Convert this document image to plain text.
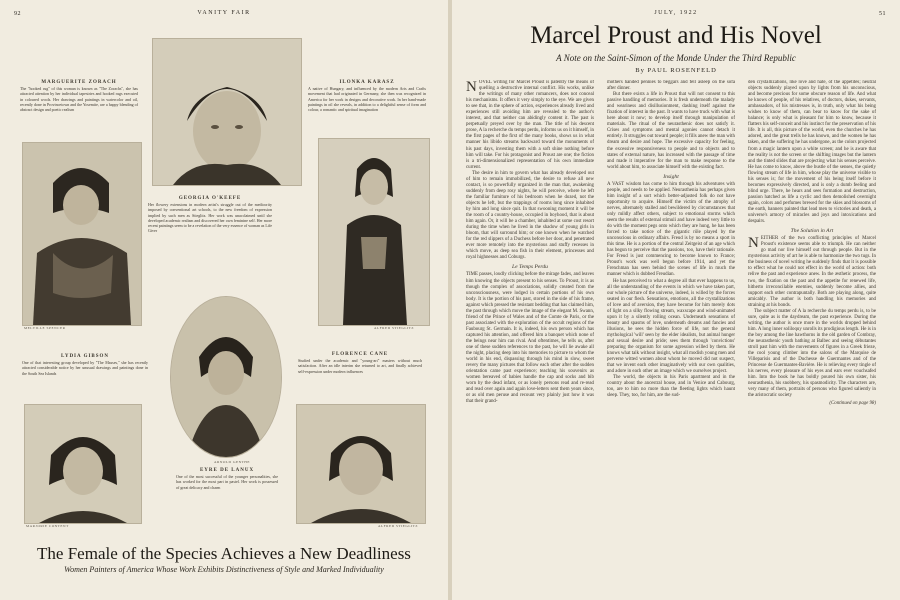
92	VANITY FAIR
MARGUERITE ZORACH
The "hooked rug" of this woman is known as "The Zorachs", she has attracted attention by her individual tapestries and hooked rugs executed in coloured wools. Her drawings and paintings in watercolor and oil, recently done in Provincetown and the Yosemite, are a happy blending of abstract design and poetic realism
ILONKA KARASZ
A native of Hungary, and influenced by the modern Arts and Crafts movement that had originated in Germany, she then was recognized in America for her work in designs and decorative work. In her hand-made paintings in oil she reveals, in addition to a delightful sense of form and colour, a romantic and spiritual imagination
MELVILLE SPENCER
GEORGIA O'KEEFE
Her flowery extensions in modern artist's struggle out of the mediocrity imposed by conventional art schools, to the new freedom of expression implied by such men as Stieglitz. Her work was unacclaimed until she developed academic realism and discovered her own feminine self. Her more recent paintings seem to be a revelation of the very essence of woman as Life Giver
ALFRED STIEGLITZ
ARNOLD GENTHE
LYDIA GIBSON
One of that interesting group developed by "The Masses," she has recently attracted considerable notice by her unusual drawings and paintings done in the South Sea Islands
FLORENCE CANE
Studied under the academic and "young-art" masters without much satisfaction. After an idle interim she returned to art, and finally achieved self-expression under modern influences
MARJORIE CONTENT
EYRE DE LANUX
One of the most successful of the younger personalities, she has worked for the most part in pastel. Her work is possessed of great delicacy and charm
ALFRED STIEGLITZ
The Female of the Species Achieves a New Deadliness
Women Painters of America Whose Work Exhibits Distinctiveness of Style and Marked Individuality
JULY, 1922	51
Marcel Proust and His Novel
A Note on the Saint-Simon of the Monde Under the Third Republic
By PAUL ROSENFELD

NOVEL writing for Marcel Proust is patently the means of quelling a destructive internal conflict. His works, unlike the writings of many other romancers, does not conceal his mechanisms. It offers it very simply to the eye. We are given to see that, in the sphere of action, experiences already lived and experiences still avoiding him are revealed to the author's interest, and that neither can abidingly content it. The past is perpetually preyed over by the man. The title of his descent prose, A la recherche du temps perdu, informs us on it himself, in the first pages of the first of the many books, shows us in what manner his libido streams backward toward the monuments of his past days, investing them with a soft shine nothing before him will take. For his protagonist and Proust are one; the fiction is a tri-dimensionalized representation of his own immediate current.

The desire in him to govern what has already developed out of him to remain immobilized, the desire to refuse all new contact, is so powerfully organized in the man that, awakening suddenly from deep rosy nights, he will perceive, where he left the familiar furniture of his bedroom when he dozed, not the objects he left, but the trappings of rooms long since inhabited by him and long since quit. In that swooning moment it will be the room of a country-house, occupied in boyhood, that is about him again. Or, it will be a chamber, inhabited at some cost resort during the time when he lived in the shadow of young girls in bloom, that will surround him; or one known when he watched for the red slippers of a Duchess before her door, and penetrated ever more remotely into the mysterious and stuffy recesses in which move, as deep sea fish in their element, princesses and royal highnesses and Coburgs.

Le Temps Perdu

TIME passes, loudly clicking before the mirage fades, and leaves him knowing the objects present to his senses. To Proust, it is as though the complex of associations, solidly created from the unconsciousness, were lodged in certain portions of his own body. It is the portion of his past, stored in the side of his frame, against which pressed the resistant bedding that has claimed him, the past through which move the image of the elegant M. Swann, friend of the Prince of Wales and of the Comte de Paris, or the past associated with the exploration of the occult regions of the Faubourg St. Germain. It is, indeed, his own person which has captured his attention, and offered him a banquet which none of the beings near him can rival. And oftentimes, he tells us, after one of these sudden references to the past, he will lie awake all the night, placing deep into his memories to picture to whom the world in his end, dispassing through his mind in slow, sweet revery the many pictures that follow each other after the sudden orientation came past experience; teaching his souvenirs as women bereaved of babies handle the cap and socks and bib worn by the dead infant, or as lonely persons read and re-read and read over again and again love-letters sent them years since, or as old men peruse and recount very plainly just how it was that their grand-

mothers handed pennies to beggars and fell asleep on the sofa after dinner.

But there exists a life in Proust that will not consent to this passive handling of memories. It is fresh underneath the malady and weariness and disillusionment, dashing itself against the fixation of interest in the past. It wants to have truck with what is here about it now; to develop itself through manipulation of materials. The ritual of the neurasthenic does not satisfy it. Crises and symptoms and mental agonies cannot detach it entirely. It struggles out toward people; it fills anew the man with dream and desire and hope. The excessive capacity for feeling, the excessive responsiveness to people and to objects and to states of external nature, has increased with the passage of time and made it imperative for the man to make response to the world about him, to associate himself with the existing fact.

Insight

A VAST wisdom has come to him through his adventures with people, and needs to be applied. Neurasthenia has perhaps given him insight of a sort which better-adjusted folk do not have opportunity to acquire. Himself the victim of the atrophy of nerves, alternately stalled and bewildered by circumstances that only mildly affect others, subject to emotional storms which seem the results of external stimuli and have indeed very little to do with the moment pegs onto which they are hung, he has been forced to take notice of the gigantic rôle played by the unconscious in ordinary affairs. Freud is by no means a sport in this time. He is a portion of the central Zeitgeist of an age which has begun to perceive that the passions, too, have their rationale. For Freud is just commencing to become known to France; Proust's work was well begun before 1914, and yet the Frenchman has seen behind the scenes of life in much the manner which is dubbed Freudian.

He has perceived to what a degree all that ever happens to us, all the understanding of the events in which we have taken part, our whole picture of the universe, indeed, is willed by the forces seated in our flesh. Sensations, emotions, all the crystallizations of love and of aversion, they have become for him merely dots of light on a silky flowing stream, waxscape and wind-animated upon it by a silently rolling ocean. Underneath sensations of beauty and spasms of love, underneath dreams and fancies and illusions, he sees the hidden force of life, not the general mythological 'will' seen by the elder idealists, but animal hunger and sexual desire and pride; sees them through 'convictions' preparing the organism for some agression willed by them. He knows what talk without insight, what all modish young men and perverse witted women about whom he moved did not suspect, that we invent each other imaginatively with our own qualities, and adore in each other an image which we ourselves project.

The world, the objects in his Paris apartment and in the country about the ancestral house, and in Venice and Cabourg, too, are to him no more than the fleeting lights which haunt sleep. They, too, for him, are the sud-

den crystallizations, like love and hate, of the appetites; neutral objects suddenly played upon by lights from his unconscious, and become precious for some obscure reason of life. And what he knows of people, of his relatives, of doctors, dukes, servants, ambassadors, of his mistresses is, in truth, only what his being wishes to know of them, can bear to know for the sake of balance; is only what is pleasant for him to know, because it flatters his self-conceit and his instinct for the preservation of his life. It is all, this picture of the world, even the churches he has adored, and the great trells he has known, and the women he has taken, and the suffering he has undergone, as the colors projected from a magic lantern upon a white screen; and he is aware that the reality is not the screen or the shifting images but the lantern and the tinted slides that are projecting what his senses perceive. He has come to know, above the bustle of the senses, the quietly flowing stream of life in him, whose play the universe visible to his senses is; for the movement of his being itself before it becomes expressively directed, and is only a dumb feeling and blind urge. There, he hears and sees formation and destruction, passion hatched as life a cyclic and then demolished overnight again, colors and perfumes brewed for the skies and blossoms of the earth, banners painted that lead men to victories and death, a universe's armory of miracles and joys and intoxications and despairs.

The Solution in Art

NEITHER of the two conflicting principles of Marcel Proust's existence seems able to triumph. He can neither go mad nor live himself out through people. But in the mysterious activity of art he is able to harmonize the two tugs. In the business of novel writing he suddenly finds that it is possible to effect what he could not effect in the world of action: both relive the past and experience anew. In the æsthetic process, the two, the fixation on the past and the appetite for renewed life, hitherto irreconcilable enemies, suddenly become allies, and support each other contrapuntally. Both are playing along, quite amicably. The author is both handling his memories and straining at his bonds.

The subject matter of A la recherche du temps perdu is, to be sure, quite as is the daydream, the past experience. During the writing, the author is once more in the worlds dropped behind him. A long inner soliloquy unrolls its prodigious length. He is in the boy among the line hawthorns in the old garden of Combray, the neurasthenic youth bathing at Balbec and seeing débutantes stroll past him with the movements of figures in a Greek frieze, the cool young climber into the salons of the Marquise de Villeparisis and of the Duchesse de Guermantes and of the Princesse de Guermantes-Bavière. He is relieving every tingle of his nerves, every pleasure of his eyes and ears ever vouchsafed him. Into the book he has boldly poured his own sister, his neurasthenia, his snobbery, his spasmodicity. The characters are, very many of them, portraits of persons who figured saliently in the aristocratic society

(Continued on page 98)
